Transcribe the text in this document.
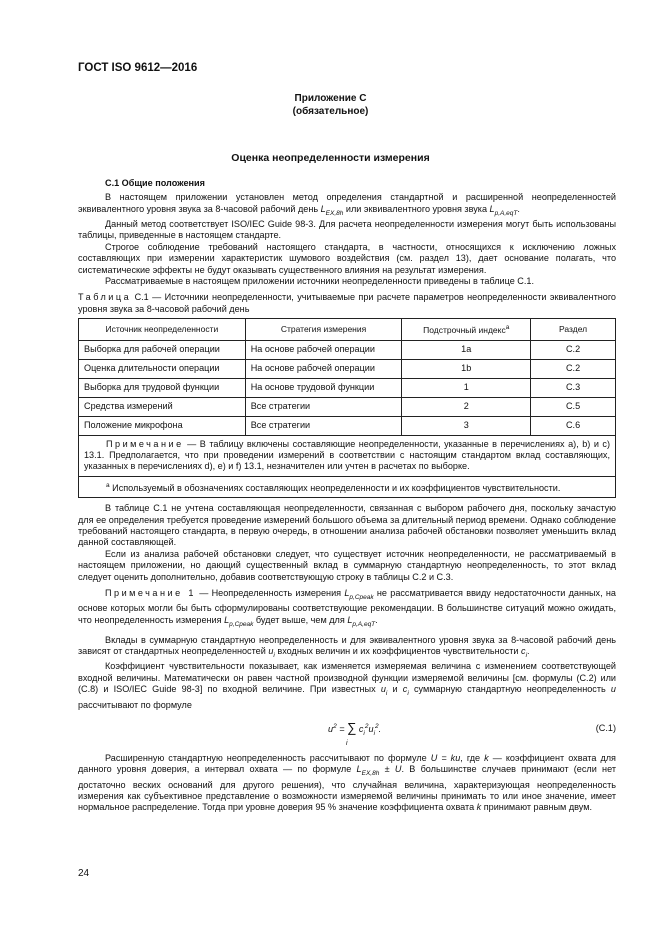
ГОСТ ISO 9612—2016
Приложение С
(обязательное)
Оценка неопределенности измерения
С.1 Общие положения

В настоящем приложении установлен метод определения стандартной и расширенной неопределенностей эквивалентного уровня звука за 8-часовой рабочий день $L_{EX,8h}$ или эквивалентного уровня звука $L_{p,A,eqT}$.

Данный метод соответствует ISO/IEC Guide 98-3. Для расчета неопределенности измерения могут быть использованы таблицы, приведенные в настоящем стандарте.

Строгое соблюдение требований настоящего стандарта, в частности, относящихся к исключению ложных составляющих при измерении характеристик шумового воздействия (см. раздел 13), дает основание полагать, что систематические эффекты не будут оказывать существенного влияния на результат измерения.

Рассматриваемые в настоящем приложении источники неопределенности приведены в таблице С.1.

Таблица С.1 — Источники неопределенности, учитываемые при расчете параметров неопределенности эквивалентного уровня звука за 8-часовой рабочий день

Источник неопределенности	Стратегия измерения	Подстрочный индекс$^a$	Раздел
Выборка для рабочей операции	На основе рабочей операции	1a	C.2
Оценка длительности операции	На основе рабочей операции	1b	C.2
Выборка для трудовой функции	На основе трудовой функции	1	C.3
Средства измерений	Все стратегии	2	C.5
Положение микрофона	Все стратегии	3	C.6
Примечание — В таблицу включены составляющие неопределенности, указанные в перечислениях а), b) и с) 13.1. Предполагается, что при проведении измерений в соответствии с настоящим стандартом вклад составляющих, указанных в перечислениях d), е) и f) 13.1, незначителен или учтен в расчетах по выборке.			
$^a$ Используемый в обозначениях составляющих неопределенности и их коэффициентов чувствительности.			

В таблице С.1 не учтена составляющая неопределенности, связанная с выбором рабочего дня, поскольку зачастую для ее определения требуется проведение измерений большого объема за длительный период времени. Однако соблюдение требований настоящего стандарта, в первую очередь, в отношении анализа рабочей обстановки позволяет уменьшить вклад данной составляющей.

Если из анализа рабочей обстановки следует, что существует источник неопределенности, не рассматриваемый в настоящем приложении, но дающий существенный вклад в суммарную стандартную неопределенность, то этот вклад следует оценить дополнительно, добавив соответствующую строку в таблицы С.2 и С.3.

Примечание 1 — Неопределенность измерения $L_{p,Cpeak}$ не рассматривается ввиду недостаточности данных, на основе которых могли бы быть сформулированы соответствующие рекомендации. В большинстве ситуаций можно ожидать, что неопределенность измерения $L_{p,Cpeak}$ будет выше, чем для $L_{p,A,eqT}$.

Вклады в суммарную стандартную неопределенность и для эквивалентного уровня звука за 8-часовой рабочий день зависят от стандартных неопределенностей $u_i$ входных величин и их коэффициентов чувствительности $c_i$.

Коэффициент чувствительности показывает, как изменяется измеряемая величина с изменением соответствующей входной величины. Математически он равен частной производной функции измеряемой величины [см. формулы (С.2) или (С.8) и ISO/IEC Guide 98-3] по входной величине. При известных $u_i$ и $c_i$ суммарную стандартную неопределенность u рассчитывают по формуле

$u^2$ = ∑ $c_i^2u_i^2$.
i
(C.1)

Расширенную стандартную неопределенность рассчитывают по формуле U = ku, где k — коэффициент охвата для данного уровня доверия, а интервал охвата — по формуле $L_{EX,8h} \pm U$. В большинстве случаев принимают (если нет достаточно веских оснований для другого решения), что случайная величина, характеризующая неопределенность измерения как субъективное представление о возможности измеряемой величины принимать то или иное значение, имеет нормальное распределение. Тогда при уровне доверия 95 % значение коэффициента охвата k принимают равным двум.

24
